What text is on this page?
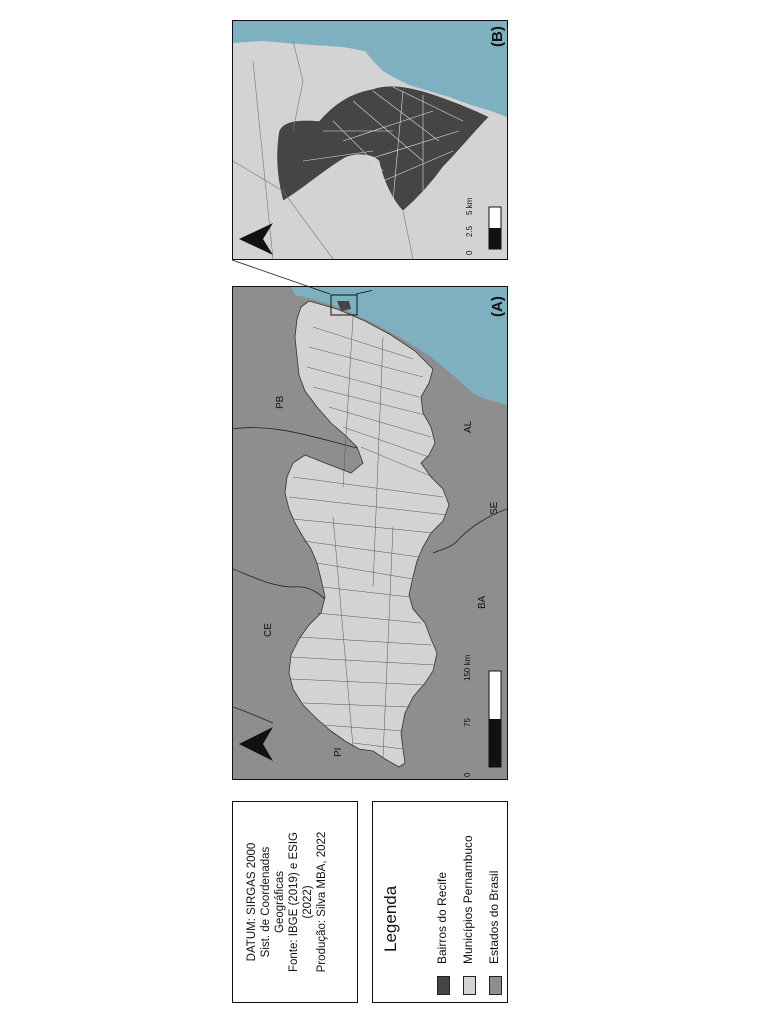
(A)
PB
AL
SE
BA
CE
PI
0
75
150 km
(B)
0
2.5
5 km
DATUM: SIRGAS 2000 Sist. de Coordenadas Geográficas Fonte: IBGE (2019) e ESIG (2022) Produção: Silva MBA, 2022	Legenda	Bairros do Recife Municípios Pernambuco Estados do Brasil
